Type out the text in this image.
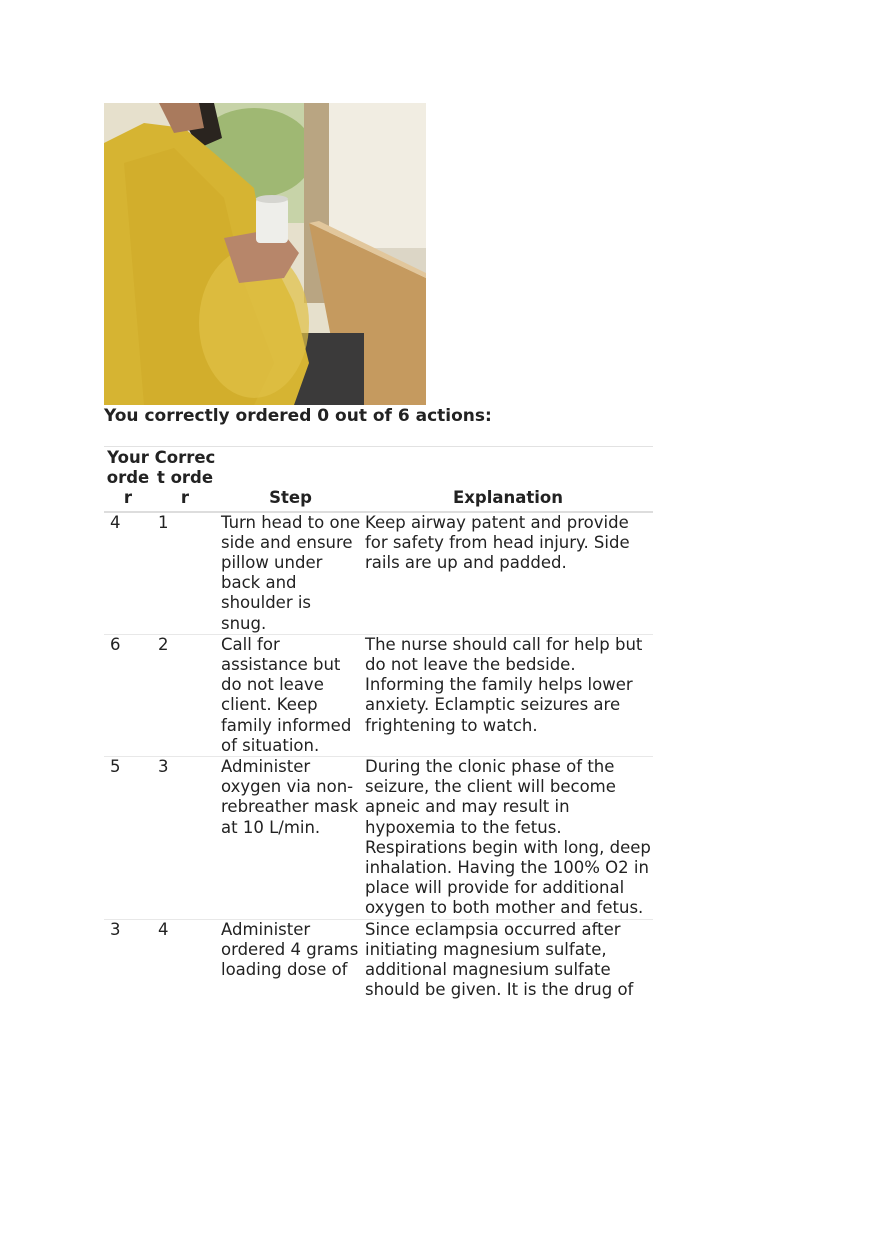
You correctly ordered 0 out of 6 actions:

Your order	Correct order	Step	Explanation
4	1	Turn head to one side and ensure pillow under back and shoulder is snug.	Keep airway patent and provide for safety from head injury. Side rails are up and padded.
6	2	Call for assistance but do not leave client. Keep family informed of situation.	The nurse should call for help but do not leave the bedside. Informing the family helps lower anxiety. Eclamptic seizures are frightening to watch.
5	3	Administer oxygen via non-rebreather mask at 10 L/min.	During the clonic phase of the seizure, the client will become apneic and may result in hypoxemia to the fetus. Respirations begin with long, deep inhalation. Having the 100% O2 in place will provide for additional oxygen to both mother and fetus.
3	4	Administer ordered 4 grams loading dose of	Since eclampsia occurred after initiating magnesium sulfate, additional magnesium sulfate should be given. It is the drug of
